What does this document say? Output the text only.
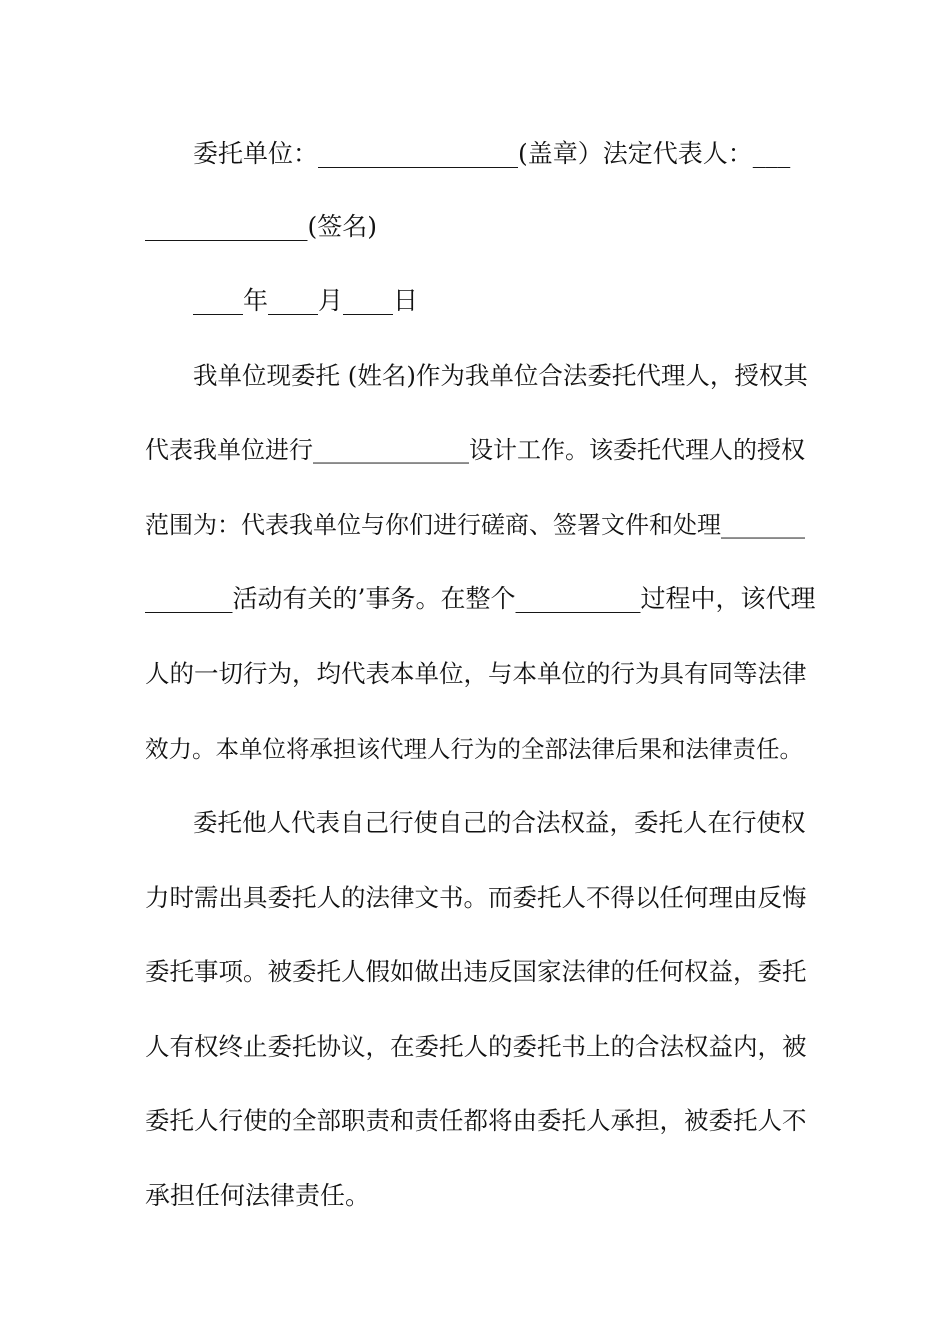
委托单位：________________(盖章）法定代表人：___
_____________(签名)
____年____月____日
我单位现委托 (姓名)作为我单位合法委托代理人，授权其
代表我单位进行_____________设计工作。该委托代理人的授权
范围为：代表我单位与你们进行磋商、签署文件和处理_______
_______活动有关的’事务。在整个__________过程中，该代理
人的一切行为，均代表本单位，与本单位的行为具有同等法律
效力。本单位将承担该代理人行为的全部法律后果和法律责任。
委托他人代表自己行使自己的合法权益，委托人在行使权
力时需出具委托人的法律文书。而委托人不得以任何理由反悔
委托事项。被委托人假如做出违反国家法律的任何权益，委托
人有权终止委托协议，在委托人的委托书上的合法权益内，被
委托人行使的全部职责和责任都将由委托人承担，被委托人不
承担任何法律责任。
